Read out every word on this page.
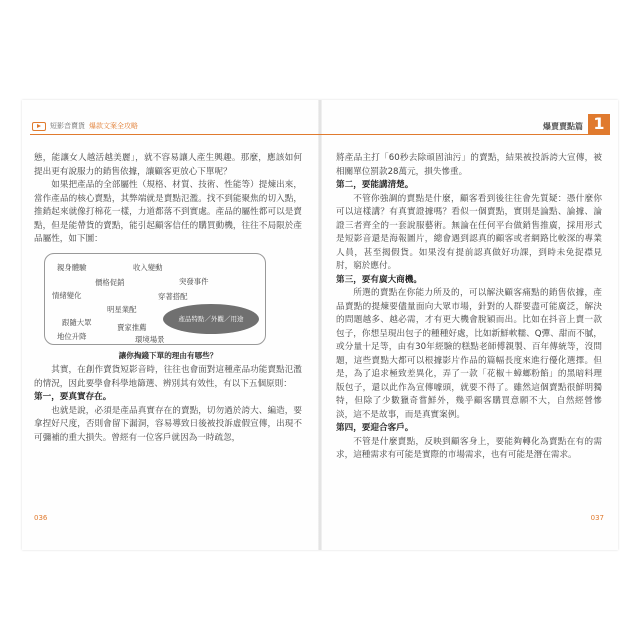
短影音賣貨 爆款文案全攻略

態，能讓女人越活越美麗」，就不容易讓人產生興趣。那麼，應該如何提出更有說服力的銷售依據，讓顧客更放心下單呢？

如果把產品的全部屬性（規格、材質、技術、性能等）提煉出來，當作產品的核心賣點，其弊端就是賣點氾濫。找不到能聚焦的切入點，推銷起來就像打棉花一樣，力道都落不到實處。產品的屬性都可以是賣點，但是能帶貨的賣點，能引起顧客信任的購買動機，往往不局限於產品屬性，如下圖：

親身體驗	收入變動
突發事件
價格促銷
情緒變化	穿著搭配
明星業配
跟隨大眾
賣家推薦
地位升降	環境場景
產品特點／外觀／用途
讓你掏錢下單的理由有哪些？

其實，在創作賣貨短影音時，往往也會面對這種產品功能賣點氾濫的情況，因此要學會科學地篩選、辨別其有效性，有以下五個原則：

第一，要真實存在。

也就是說，必須是產品真實存在的賣點，切勿過於誇大、編造，要拿捏好尺度，否則會留下漏洞，容易導致日後被投訴虛假宣傳，出現不可彌補的重大損失。曾經有一位客戶就因為一時疏忽，

036
爆賣賣點篇 1

將產品主打「60秒去除頑固油污」的賣點，結果被投訴誇大宣傳，被相關單位罰款28萬元，損失慘重。

第二，要能講清楚。

不管你強調的賣點是什麼，顧客看到後往往會先質疑：憑什麼你可以這樣講？有真實證據嗎？看似一個賣點，實則是論點、論據、論證三者齊全的一套說服藝術。無論在任何平台做銷售推廣，採用形式是短影音還是海報圖片，總會遇到認真的顧客或者網路比較深的專業人員，甚至揭假貨。如果沒有提前認真做好功課，到時未免捉襟見肘，窮於應付。

第三，要有廣大商機。

所選的賣點在你能力所及的，可以解決顧客痛點的銷售依據，產品賣點的提煉要儘量面向大眾市場，針對的人群要盡可能廣泛，解決的問題越多、越必需，才有更大機會脫穎而出。比如在抖音上賣一款包子，你想呈現出包子的種種好處，比如新鮮軟糯、Q彈、甜而不膩，或分量十足等，由有30年經驗的糕點老師傅親製、百年傳統等，沒問題，這些賣點大都可以根據影片作品的篇幅長度來進行優化選擇。但是，為了追求極致差異化，弄了一款「花椒＋蟑螂粉餡」的黑暗料理版包子，還以此作為宣傳噱頭，就要不得了。雖然這個賣點很鮮明獨特，但除了少數獵奇嘗鮮外，幾乎顧客購買意願不大，自然經營慘淡，這不是故事，而是真實案例。

第四，要迎合客戶。

不管是什麼賣點，反映到顧客身上，要能夠轉化為賣點在有的需求，這種需求有可能是實際的市場需求，也有可能是潛在需求。

037
